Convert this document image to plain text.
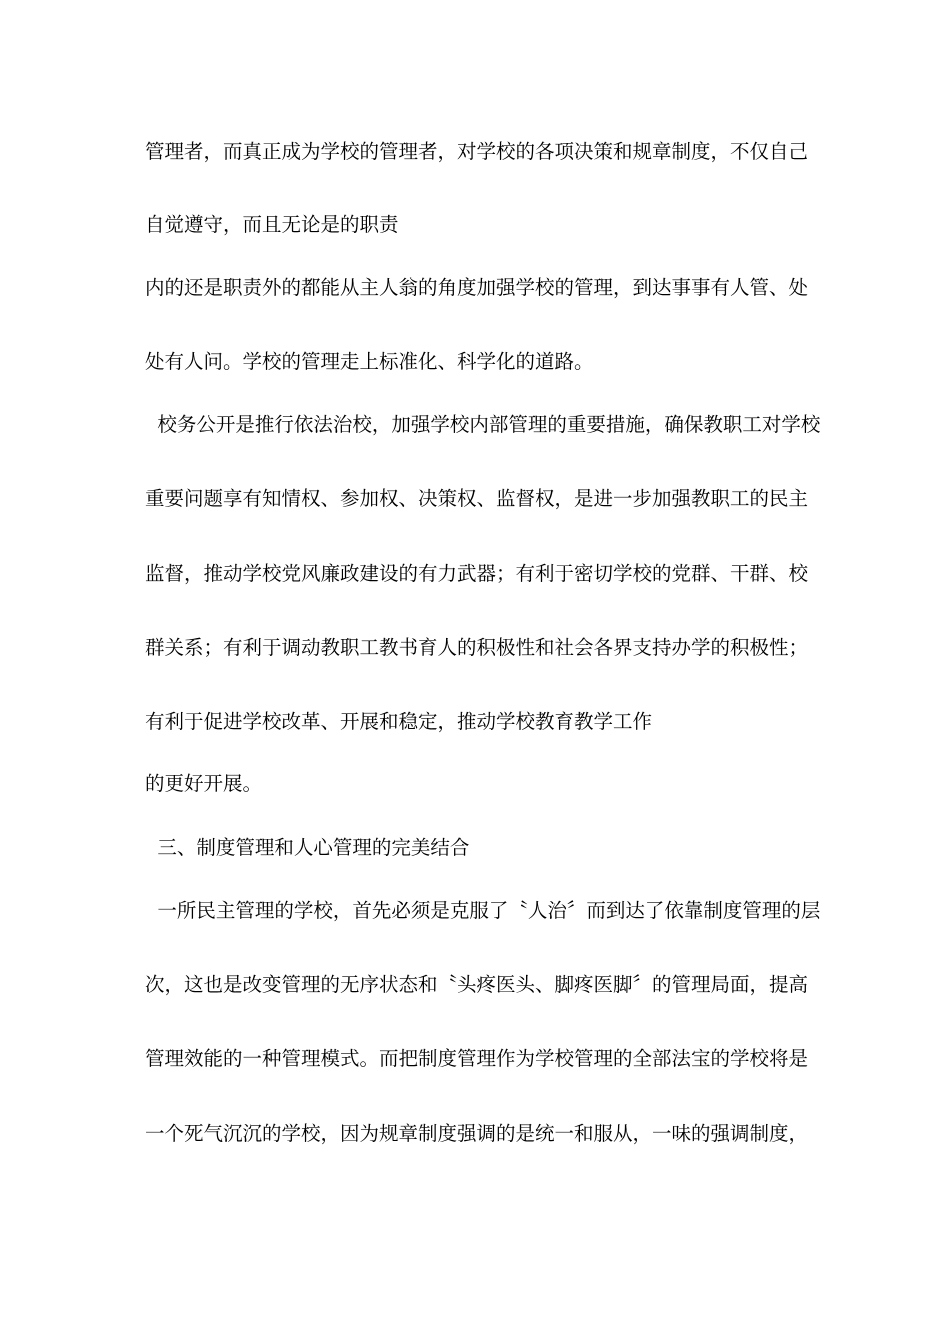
管理者，而真正成为学校的管理者，对学校的各项决策和规章制度，不仅自己
自觉遵守，而且无论是的职责
内的还是职责外的都能从主人翁的角度加强学校的管理，到达事事有人管、处
处有人问。学校的管理走上标准化、科学化的道路。
校务公开是推行依法治校，加强学校内部管理的重要措施，确保教职工对学校
重要问题享有知情权、参加权、决策权、监督权，是进一步加强教职工的民主
监督，推动学校党风廉政建设的有力武器；有利于密切学校的党群、干群、校
群关系；有利于调动教职工教书育人的积极性和社会各界支持办学的积极性；
有利于促进学校改革、开展和稳定，推动学校教育教学工作
的更好开展。
三、制度管理和人心管理的完美结合
一所民主管理的学校，首先必须是克服了〝人治〞而到达了依靠制度管理的层
次，这也是改变管理的无序状态和〝头疼医头、脚疼医脚〞的管理局面，提高
管理效能的一种管理模式。而把制度管理作为学校管理的全部法宝的学校将是
一个死气沉沉的学校，因为规章制度强调的是统一和服从，一味的强调制度，
